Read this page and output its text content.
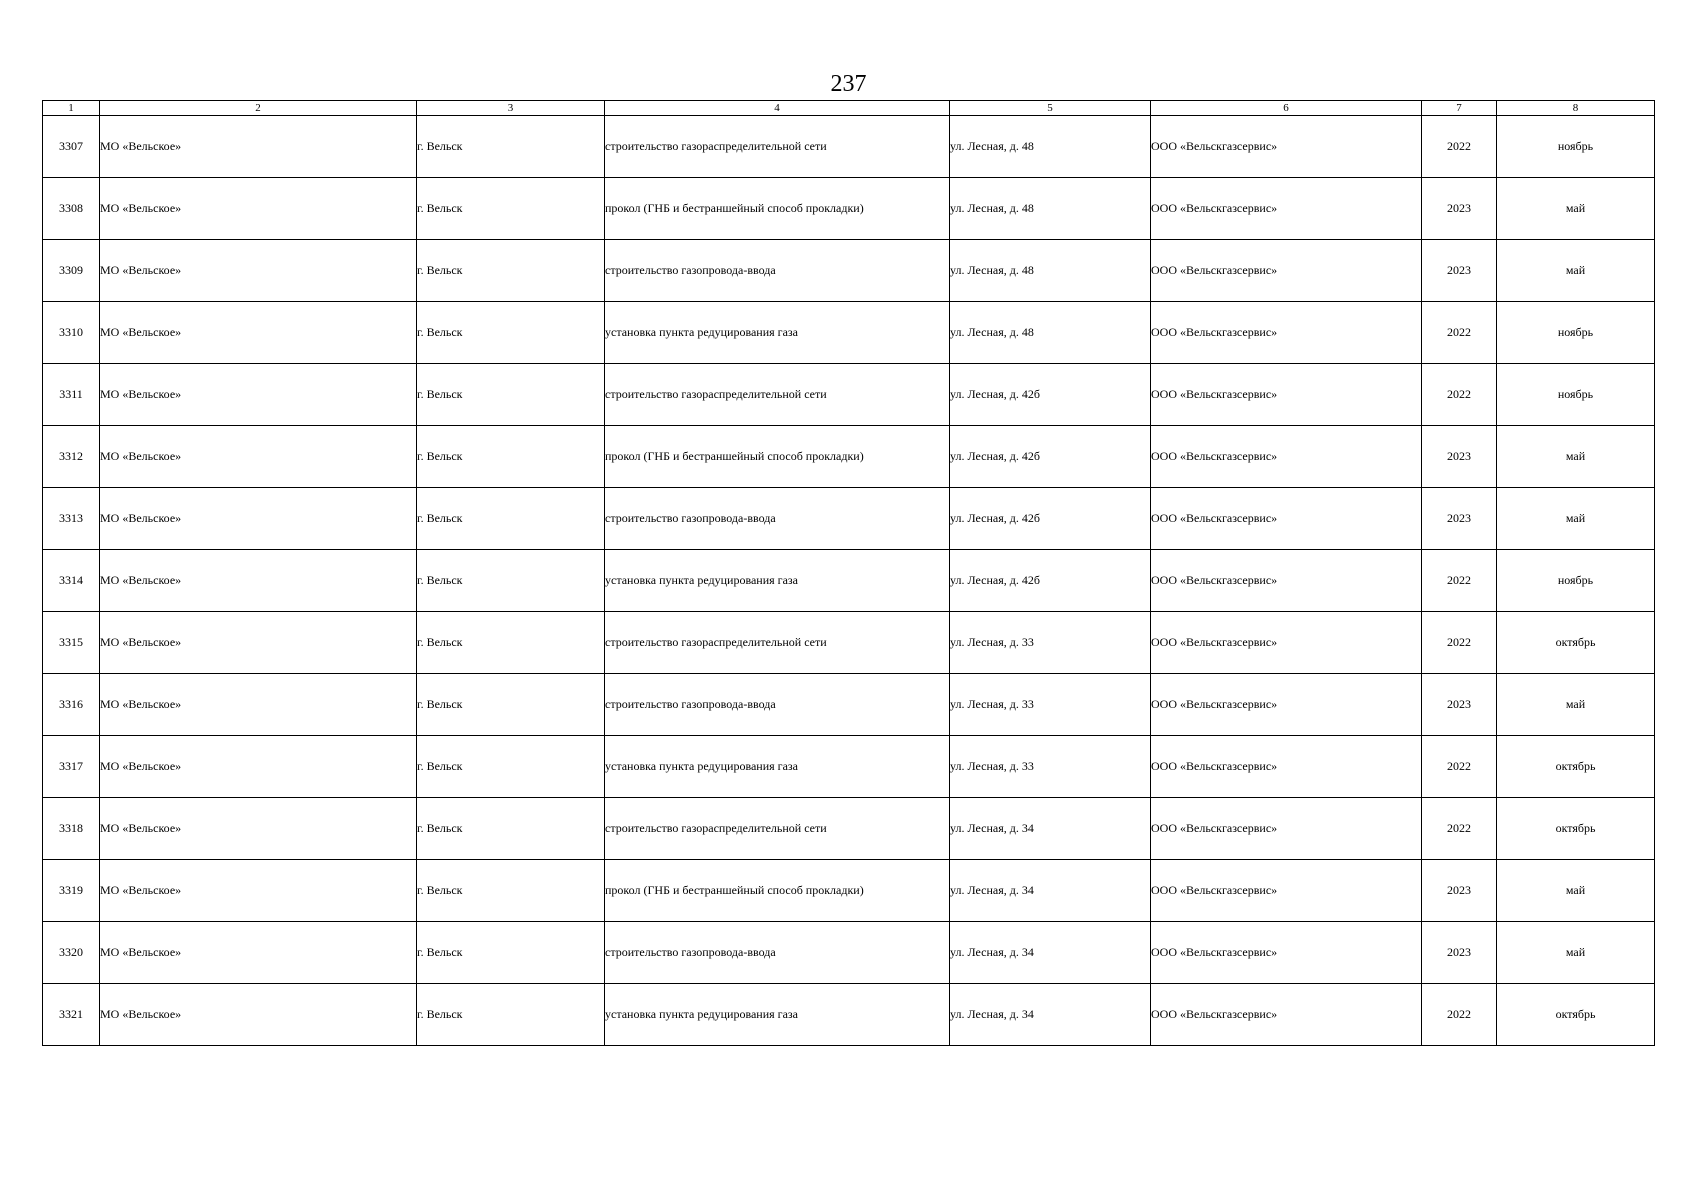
237
1	2	3	4	5	6	7	8
3307	МО «Вельское»	г. Вельск	строительство газораспределительной сети	ул. Лесная, д. 48	ООО «Вельскгазсервис»	2022	ноябрь
3308	МО «Вельское»	г. Вельск	прокол (ГНБ и бестраншейный способ прокладки)	ул. Лесная, д. 48	ООО «Вельскгазсервис»	2023	май
3309	МО «Вельское»	г. Вельск	строительство газопровода-ввода	ул. Лесная, д. 48	ООО «Вельскгазсервис»	2023	май
3310	МО «Вельское»	г. Вельск	установка пункта редуцирования газа	ул. Лесная, д. 48	ООО «Вельскгазсервис»	2022	ноябрь
3311	МО «Вельское»	г. Вельск	строительство газораспределительной сети	ул. Лесная, д. 42б	ООО «Вельскгазсервис»	2022	ноябрь
3312	МО «Вельское»	г. Вельск	прокол (ГНБ и бестраншейный способ прокладки)	ул. Лесная, д. 42б	ООО «Вельскгазсервис»	2023	май
3313	МО «Вельское»	г. Вельск	строительство газопровода-ввода	ул. Лесная, д. 42б	ООО «Вельскгазсервис»	2023	май
3314	МО «Вельское»	г. Вельск	установка пункта редуцирования газа	ул. Лесная, д. 42б	ООО «Вельскгазсервис»	2022	ноябрь
3315	МО «Вельское»	г. Вельск	строительство газораспределительной сети	ул. Лесная, д. 33	ООО «Вельскгазсервис»	2022	октябрь
3316	МО «Вельское»	г. Вельск	строительство газопровода-ввода	ул. Лесная, д. 33	ООО «Вельскгазсервис»	2023	май
3317	МО «Вельское»	г. Вельск	установка пункта редуцирования газа	ул. Лесная, д. 33	ООО «Вельскгазсервис»	2022	октябрь
3318	МО «Вельское»	г. Вельск	строительство газораспределительной сети	ул. Лесная, д. 34	ООО «Вельскгазсервис»	2022	октябрь
3319	МО «Вельское»	г. Вельск	прокол (ГНБ и бестраншейный способ прокладки)	ул. Лесная, д. 34	ООО «Вельскгазсервис»	2023	май
3320	МО «Вельское»	г. Вельск	строительство газопровода-ввода	ул. Лесная, д. 34	ООО «Вельскгазсервис»	2023	май
3321	МО «Вельское»	г. Вельск	установка пункта редуцирования газа	ул. Лесная, д. 34	ООО «Вельскгазсервис»	2022	октябрь
